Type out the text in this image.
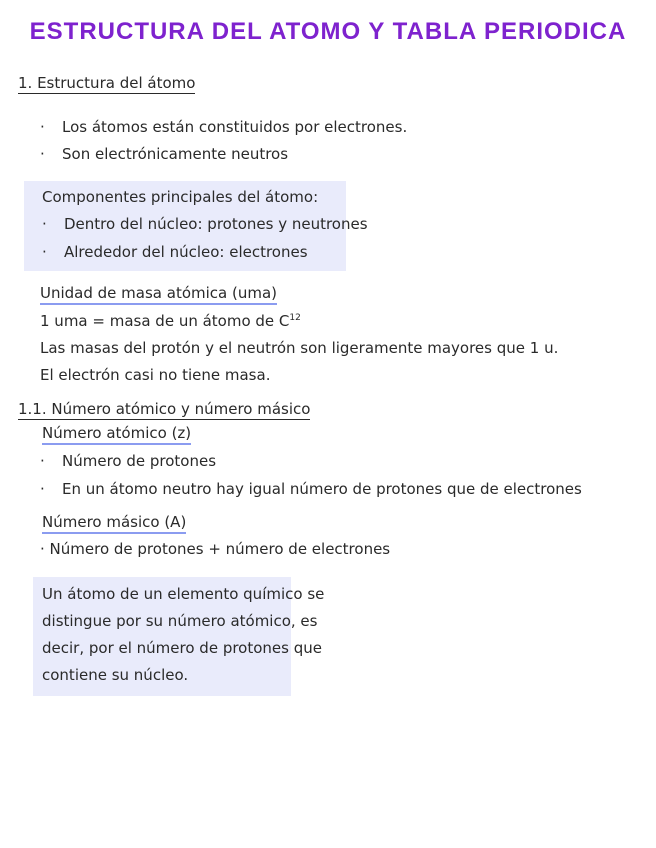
ESTRUCTURA DEL ATOMO Y TABLA PERIODICA
1. Estructura del átomo
· Los átomos están constituidos por electrones.
· Son electrónicamente neutros
Componentes principales del átomo:
· Dentro del núcleo: protones y neutrones
· Alrededor del núcleo: electrones
Unidad de masa atómica (uma)
1 uma = masa de un átomo de $C^{12}$
Las masas del protón y el neutrón son ligeramente mayores que 1 u.
El electrón casi no tiene masa.
1.1. Número atómico y número másico
Número atómico (z)
· Número de protones
· En un átomo neutro hay igual número de protones que de electrones
Número másico (A)
· Número de protones + número de electrones
Un átomo de un elemento químico se
distingue por su número atómico, es
decir, por el número de protones que
contiene su núcleo.
